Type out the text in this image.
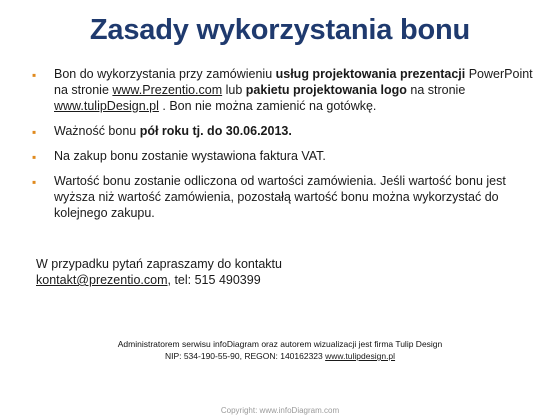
Zasady wykorzystania bonu
▪ Bon do wykorzystania przy zamówieniu usług projektowania prezentacji PowerPoint na stronie www.Prezentio.com lub pakietu projektowania logo na stronie www.tulipDesign.pl . Bon nie można zamienić na gotówkę.
▪ Ważność bonu pół roku tj. do 30.06.2013.
▪ Na zakup bonu zostanie wystawiona faktura VAT.
▪ Wartość bonu zostanie odliczona od wartości zamówienia. Jeśli wartość bonu jest wyższa niż wartość zamówienia, pozostałą wartość bonu można wykorzystać do kolejnego zakupu.
W przypadku pytań zapraszamy do kontaktu
kontakt@prezentio.com, tel: 515 490399
Administratorem serwisu infoDiagram oraz autorem wizualizacji jest firma Tulip Design
NIP: 534-190-55-90, REGON: 140162323 www.tulipdesign.pl
Copyright: www.infoDiagram.com
